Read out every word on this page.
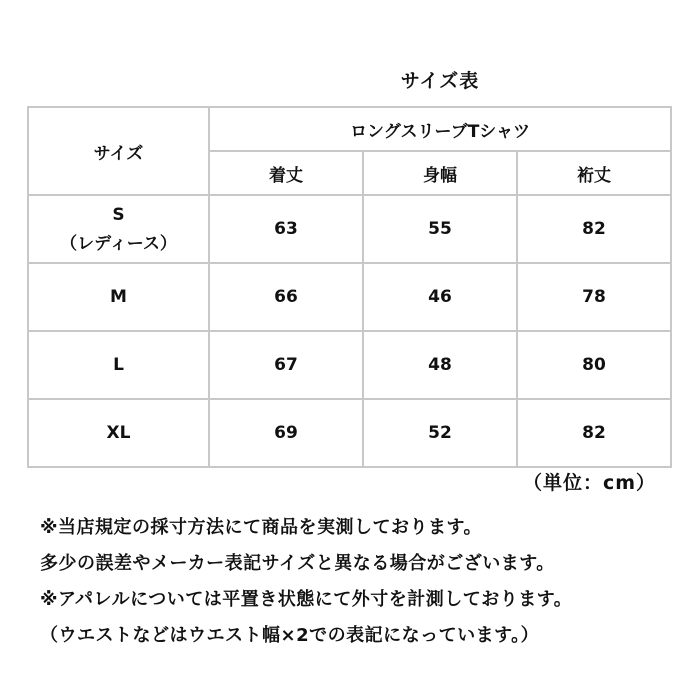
サイズ表
サイズ	ロングスリーブTシャツ		
	着丈	身幅	裄丈
S
（レディース）	63	55	82
M	66	46	78
L	67	48	80
XL	69	52	82
（単位：cm）
※当店規定の採寸方法にて商品を実測しております。
多少の誤差やメーカー表記サイズと異なる場合がございます。
※アパレルについては平置き状態にて外寸を計測しております。
（ウエストなどはウエスト幅×2での表記になっています。）
